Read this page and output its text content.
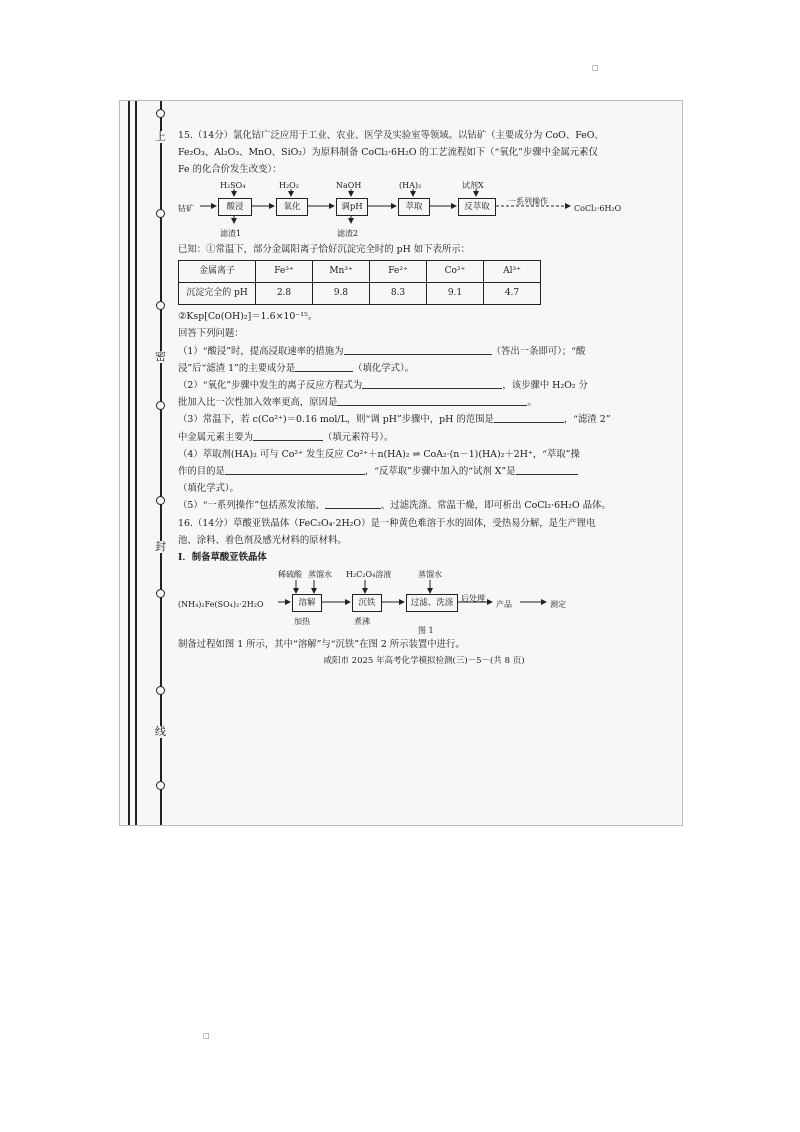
□
□
上
密
封
线

15.（14分）氯化钴广泛应用于工业、农业、医学及实验室等领域。以钴矿（主要成分为 CoO、FeO、

Fe₂O₃、Al₂O₃、MnO、SiO₂）为原料制备 CoCl₂·6H₂O 的工艺流程如下（“氧化”步骤中金属元素仅

Fe 的化合价发生改变）：

H₂SO₄	H₂O₂	NaOH	(HA)₂	试剂X
钴矿	酸浸	氧化	调pH	萃取	反萃取
一系列操作
CoCl₂·6H₂O
滤渣1	滤渣2

已知：①常温下，部分金属阳离子恰好沉淀完全时的 pH 如下表所示：

金属离子	Fe³⁺	Mn²⁺	Fe²⁺	Co²⁺	Al³⁺
沉淀完全的 pH	2.8	9.8	8.3	9.1	4.7

②Ksp[Co(OH)₂]＝1.6×10⁻¹⁵。

回答下列问题：

（1）“酸浸”时，提高浸取速率的措施为	（答出一条即可）；“酸

浸”后“滤渣 1”的主要成分是	（填化学式）。

（2）“氧化”步骤中发生的离子反应方程式为	，该步骤中 H₂O₂ 分

批加入比一次性加入效率更高，原因是	。

（3）常温下，若 c(Co²⁺)＝0.16 mol/L，则“调 pH”步骤中，pH 的范围是	，“滤渣 2”

中金属元素主要为	（填元素符号）。

（4）萃取剂(HA)₂ 可与 Co²⁺ 发生反应 Co²⁺＋n(HA)₂ ⇌ CoA₂·(n－1)(HA)₂＋2H⁺，“萃取”操

作的目的是	，“反萃取”步骤中加入的“试剂 X”是

（填化学式）。

（5）“一系列操作”包括蒸发浓缩、	、过滤洗涤、常温干燥，即可析出 CoCl₂·6H₂O 晶体。

16.（14分）草酸亚铁晶体（FeC₂O₄·2H₂O）是一种黄色难溶于水的固体，受热易分解，是生产锂电

池、涂料、着色剂及感光材料的原材料。

Ⅰ．制备草酸亚铁晶体

稀硫酸 蒸馏水 H₂C₂O₄溶液	蒸馏水
(NH₄)₂Fe(SO₄)₂·2H₂O	溶解	沉铁	过滤、洗涤
加热	煮沸
后处理
产品	测定
图 1

制备过程如图 1 所示，其中“溶解”与“沉铁”在图 2 所示装置中进行。

咸阳市 2025 年高考化学模拟检测(三)－5－(共 8 页)
